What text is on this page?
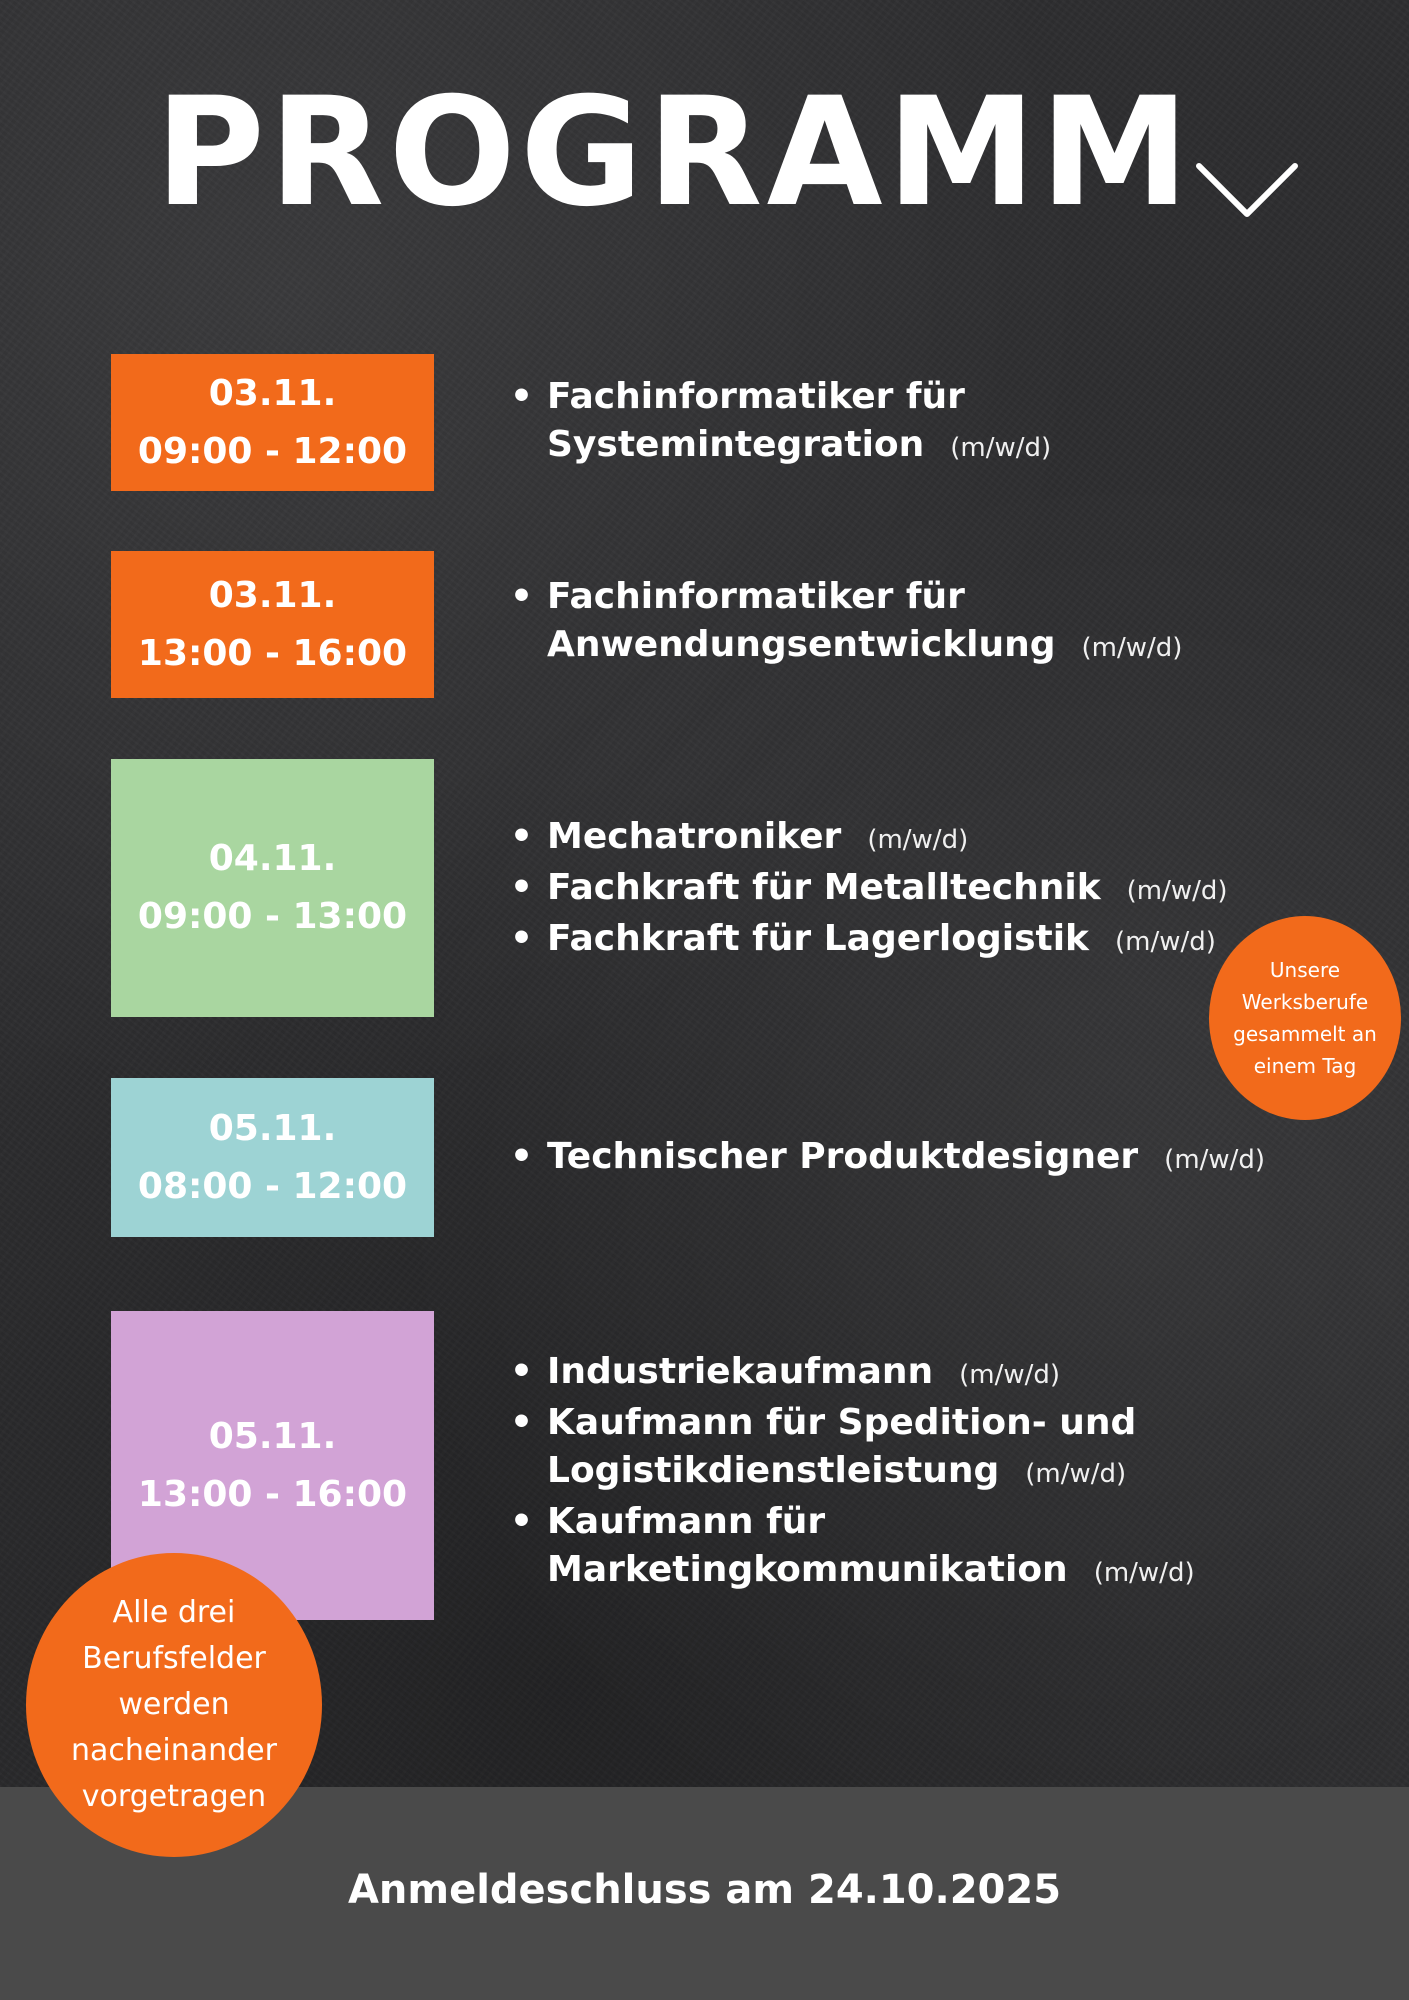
PROGRAMM
03.11.
09:00 - 12:00
• Fachinformatiker für
Systemintegration (m/w/d)
03.11.
13:00 - 16:00
• Fachinformatiker für
Anwendungsentwicklung (m/w/d)
04.11.
09:00 - 13:00
• Mechatroniker (m/w/d)
• Fachkraft für Metalltechnik (m/w/d)
• Fachkraft für Lagerlogistik (m/w/d)
05.11.
08:00 - 12:00
• Technischer Produktdesigner (m/w/d)
05.11.
13:00 - 16:00
• Industriekaufmann (m/w/d)
• Kaufmann für Spedition- und
Logistikdienstleistung (m/w/d)
• Kaufmann für
Marketingkommunikation (m/w/d)
Unsere
Werksberufe
gesammelt an
einem Tag
Anmeldeschluss am 24.10.2025
Alle drei
Berufsfelder
werden
nacheinander
vorgetragen
